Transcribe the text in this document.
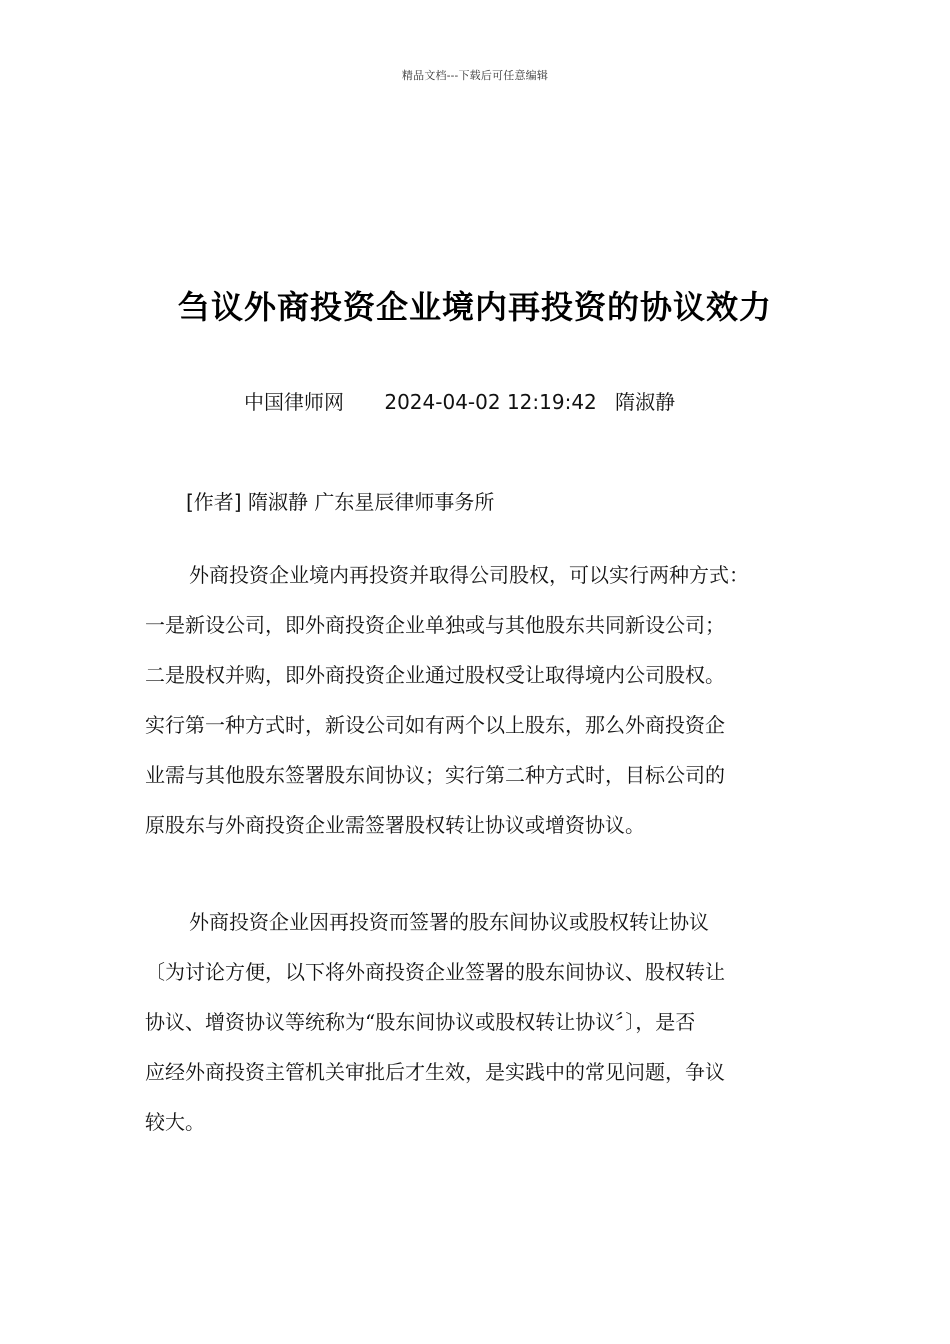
精品文档---下载后可任意编辑
刍议外商投资企业境内再投资的协议效力
中国律师网 2024-04-02 12:19:42 隋淑静
[作者] 隋淑静 广东星辰律师事务所
外商投资企业境内再投资并取得公司股权，可以实行两种方式：
一是新设公司，即外商投资企业单独或与其他股东共同新设公司；
二是股权并购，即外商投资企业通过股权受让取得境内公司股权。
实行第一种方式时，新设公司如有两个以上股东，那么外商投资企
业需与其他股东签署股东间协议；实行第二种方式时，目标公司的
原股东与外商投资企业需签署股权转让协议或增资协议。
外商投资企业因再投资而签署的股东间协议或股权转让协议
〔为讨论方便，以下将外商投资企业签署的股东间协议、股权转让
协议、增资协议等统称为“股东间协议或股权转让协议〞〕，是否
应经外商投资主管机关审批后才生效，是实践中的常见问题，争议
较大。
